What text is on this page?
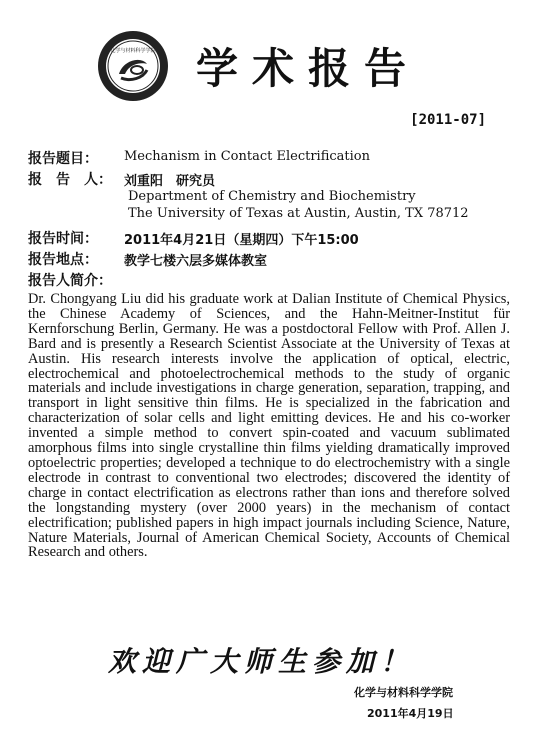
化学与材料科学学院 学术报告
[2011-07]
报告题目： Mechanism in Contact Electrification
报　告　人： 刘重阳　研究员
Department of Chemistry and Biochemistry
The University of Texas at Austin, Austin, TX 78712
报告时间： 2011年4月21日（星期四）下午15:00
报告地点： 教学七楼六层多媒体教室
报告人简介：

Dr. Chongyang Liu did his graduate work at Dalian Institute of Chemical Physics, the Chinese Academy of Sciences, and the Hahn-Meitner-Institut für Kernforschung Berlin, Germany. He was a postdoctoral Fellow with Prof. Allen J. Bard and is presently a Research Scientist Associate at the University of Texas at Austin. His research interests involve the application of optical, electric, electrochemical and photoelectrochemical methods to the study of organic materials and include investigations in charge generation, separation, trapping, and transport in light sensitive thin films. He is specialized in the fabrication and characterization of solar cells and light emitting devices. He and his co-worker invented a simple method to convert spin-coated and vacuum sublimated amorphous films into single crystalline thin films yielding dramatically improved optoelectric properties; developed a technique to do electrochemistry with a single electrode in contrast to conventional two electrodes; discovered the identity of charge in contact electrification as electrons rather than ions and therefore solved the longstanding mystery (over 2000 years) in the mechanism of contact electrification; published papers in high impact journals including Science, Nature, Nature Materials, Journal of American Chemical Society, Accounts of Chemical Research and others.

欢迎广大师生参加！
化学与材料科学学院
2011年4月19日
